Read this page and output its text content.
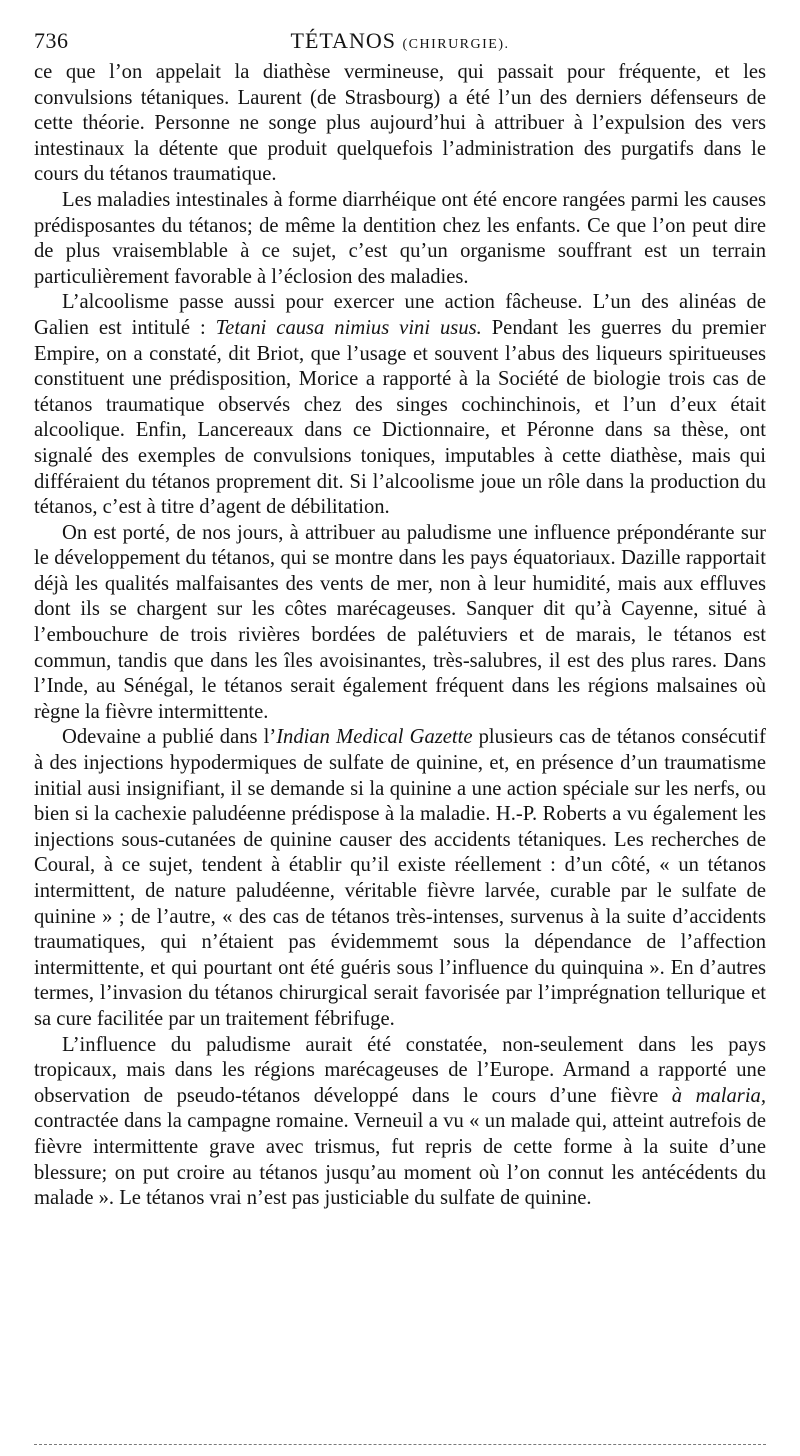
736	TÉTANOS (CHIRURGIE).

ce que l’on appelait la diathèse vermineuse, qui passait pour fréquente, et les convulsions tétaniques. Laurent (de Strasbourg) a été l’un des derniers défenseurs de cette théorie. Personne ne songe plus aujourd’hui à attribuer à l’expulsion des vers intestinaux la détente que produit quelquefois l’administration des purgatifs dans le cours du tétanos traumatique.

Les maladies intestinales à forme diarrhéique ont été encore rangées parmi les causes prédisposantes du tétanos; de même la dentition chez les enfants. Ce que l’on peut dire de plus vraisemblable à ce sujet, c’est qu’un organisme souffrant est un terrain particulièrement favorable à l’éclosion des maladies.

L’alcoolisme passe aussi pour exercer une action fâcheuse. L’un des alinéas de Galien est intitulé : Tetani causa nimius vini usus. Pendant les guerres du premier Empire, on a constaté, dit Briot, que l’usage et souvent l’abus des liqueurs spiritueuses constituent une prédisposition, Morice a rapporté à la Société de biologie trois cas de tétanos traumatique observés chez des singes cochinchinois, et l’un d’eux était alcoolique. Enfin, Lancereaux dans ce Dictionnaire, et Péronne dans sa thèse, ont signalé des exemples de convulsions toniques, imputables à cette diathèse, mais qui différaient du tétanos proprement dit. Si l’alcoolisme joue un rôle dans la production du tétanos, c’est à titre d’agent de débilitation.

On est porté, de nos jours, à attribuer au paludisme une influence prépondérante sur le développement du tétanos, qui se montre dans les pays équatoriaux. Dazille rapportait déjà les qualités malfaisantes des vents de mer, non à leur humidité, mais aux effluves dont ils se chargent sur les côtes marécageuses. Sanquer dit qu’à Cayenne, situé à l’embouchure de trois rivières bordées de palétuviers et de marais, le tétanos est commun, tandis que dans les îles avoisinantes, très-salubres, il est des plus rares. Dans l’Inde, au Sénégal, le tétanos serait également fréquent dans les régions malsaines où règne la fièvre intermittente.

Odevaine a publié dans l’Indian Medical Gazette plusieurs cas de tétanos consécutif à des injections hypodermiques de sulfate de quinine, et, en présence d’un traumatisme initial ausi insignifiant, il se demande si la quinine a une action spéciale sur les nerfs, ou bien si la cachexie paludéenne prédispose à la maladie. H.-P. Roberts a vu également les injections sous-cutanées de quinine causer des accidents tétaniques. Les recherches de Coural, à ce sujet, tendent à établir qu’il existe réellement : d’un côté, « un tétanos intermittent, de nature paludéenne, véritable fièvre larvée, curable par le sulfate de quinine » ; de l’autre, « des cas de tétanos très-intenses, survenus à la suite d’accidents traumatiques, qui n’étaient pas évidemmemt sous la dépendance de l’affection intermittente, et qui pourtant ont été guéris sous l’influence du quinquina ». En d’autres termes, l’invasion du tétanos chirurgical serait favorisée par l’imprégnation tellurique et sa cure facilitée par un traitement fébrifuge.

L’influence du paludisme aurait été constatée, non-seulement dans les pays tropicaux, mais dans les régions marécageuses de l’Europe. Armand a rapporté une observation de pseudo-tétanos développé dans le cours d’une fièvre à malaria, contractée dans la campagne romaine. Verneuil a vu « un malade qui, atteint autrefois de fièvre intermittente grave avec trismus, fut repris de cette forme à la suite d’une blessure; on put croire au tétanos jusqu’au moment où l’on connut les antécédents du malade ». Le tétanos vrai n’est pas justiciable du sulfate de quinine.
